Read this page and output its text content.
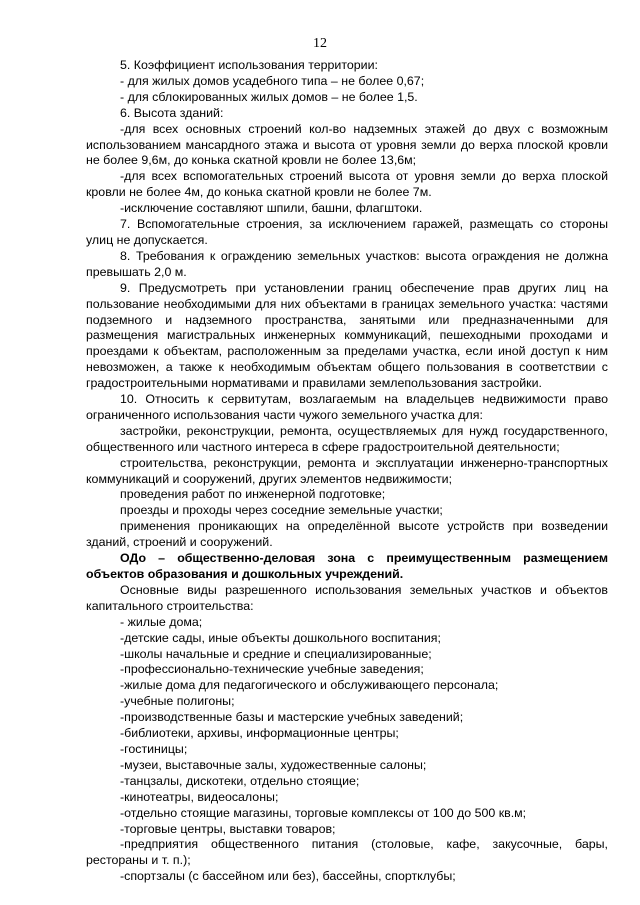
12

5. Коэффициент использования территории:

- для жилых домов усадебного типа – не более 0,67;

- для сблокированных жилых домов – не более 1,5.

6. Высота зданий:

-для всех основных строений кол-во надземных этажей до двух с возможным использованием мансардного этажа и высота от уровня земли до верха плоской кровли не более 9,6м, до конька скатной кровли не более 13,6м;

-для всех вспомогательных строений высота от уровня земли до верха плоской кровли не более 4м, до конька скатной кровли не более 7м.

-исключение составляют шпили, башни, флагштоки.

7. Вспомогательные строения, за исключением гаражей, размещать со стороны улиц не допускается.

8. Требования к ограждению земельных участков: высота ограждения не должна превышать 2,0 м.

9. Предусмотреть при установлении границ обеспечение прав других лиц на пользование необходимыми для них объектами в границах земельного участка: частями подземного и надземного пространства, занятыми или предназначенными для размещения магистральных инженерных коммуникаций, пешеходными проходами и проездами к объектам, расположенным за пределами участка, если иной доступ к ним невозможен, а также к необходимым объектам общего пользования в соответствии с градостроительными нормативами и правилами землепользования застройки.

10. Относить к сервитутам, возлагаемым на владельцев недвижимости право ограниченного использования части чужого земельного участка для:

застройки, реконструкции, ремонта, осуществляемых для нужд государственного, общественного или частного интереса в сфере градостроительной деятельности;

строительства, реконструкции, ремонта и эксплуатации инженерно-транспортных коммуникаций и сооружений, других элементов недвижимости;

проведения работ по инженерной подготовке;

проезды и проходы через соседние земельные участки;

применения проникающих на определённой высоте устройств при возведении зданий, строений и сооружений.

ОДо – общественно-деловая зона с преимущественным размещением объектов образования и дошкольных учреждений.

Основные виды разрешенного использования земельных участков и объектов капитального строительства:

- жилые дома;

-детские сады, иные объекты дошкольного воспитания;

-школы начальные и средние и специализированные;

-профессионально-технические учебные заведения;

-жилые дома для педагогического и обслуживающего персонала;

-учебные полигоны;

-производственные базы и мастерские учебных заведений;

-библиотеки, архивы, информационные центры;

-гостиницы;

-музеи, выставочные залы, художественные салоны;

-танцзалы, дискотеки, отдельно стоящие;

-кинотеатры, видеосалоны;

-отдельно стоящие магазины, торговые комплексы от 100 до 500 кв.м;

-торговые центры, выставки товаров;

-предприятия общественного питания (столовые, кафе, закусочные, бары, рестораны и т. п.);

-спортзалы (с бассейном или без), бассейны, спортклубы;
